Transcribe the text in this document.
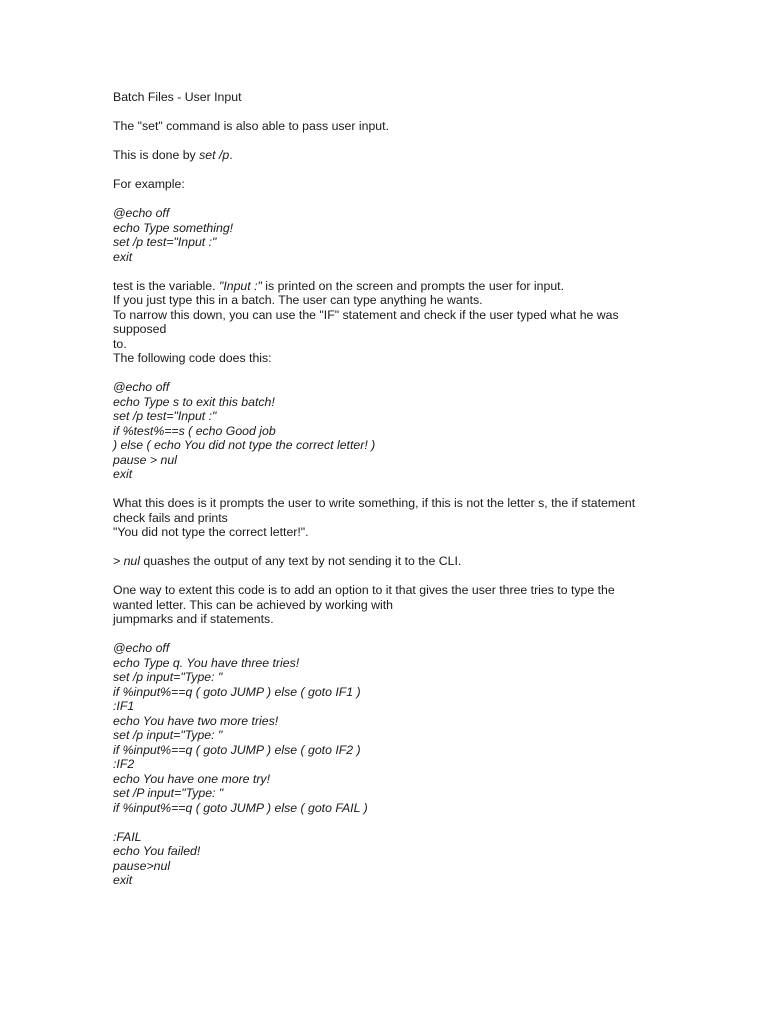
Batch Files - User Input
The "set" command is also able to pass user input.
This is done by set /p.
For example:
@echo off
echo Type something!
set /p test="Input :"
exit
test is the variable. "Input :" is printed on the screen and prompts the user for input.
If you just type this in a batch. The user can type anything he wants.
To narrow this down, you can use the "IF" statement and check if the user typed what he was
supposed
to.
The following code does this:
@echo off
echo Type s to exit this batch!
set /p test="Input :"
if %test%==s ( echo Good job
) else ( echo You did not type the correct letter! )
pause > nul
exit
What this does is it prompts the user to write something, if this is not the letter s, the if statement
check fails and prints
"You did not type the correct letter!".
> nul quashes the output of any text by not sending it to the CLI.
One way to extent this code is to add an option to it that gives the user three tries to type the
wanted letter. This can be achieved by working with
jumpmarks and if statements.
@echo off
echo Type q. You have three tries!
set /p input="Type: "
if %input%==q ( goto JUMP ) else ( goto IF1 )
:IF1
echo You have two more tries!
set /p input="Type: "
if %input%==q ( goto JUMP ) else ( goto IF2 )
:IF2
echo You have one more try!
set /P input="Type: "
if %input%==q ( goto JUMP ) else ( goto FAIL )
:FAIL
echo You failed!
pause>nul
exit
